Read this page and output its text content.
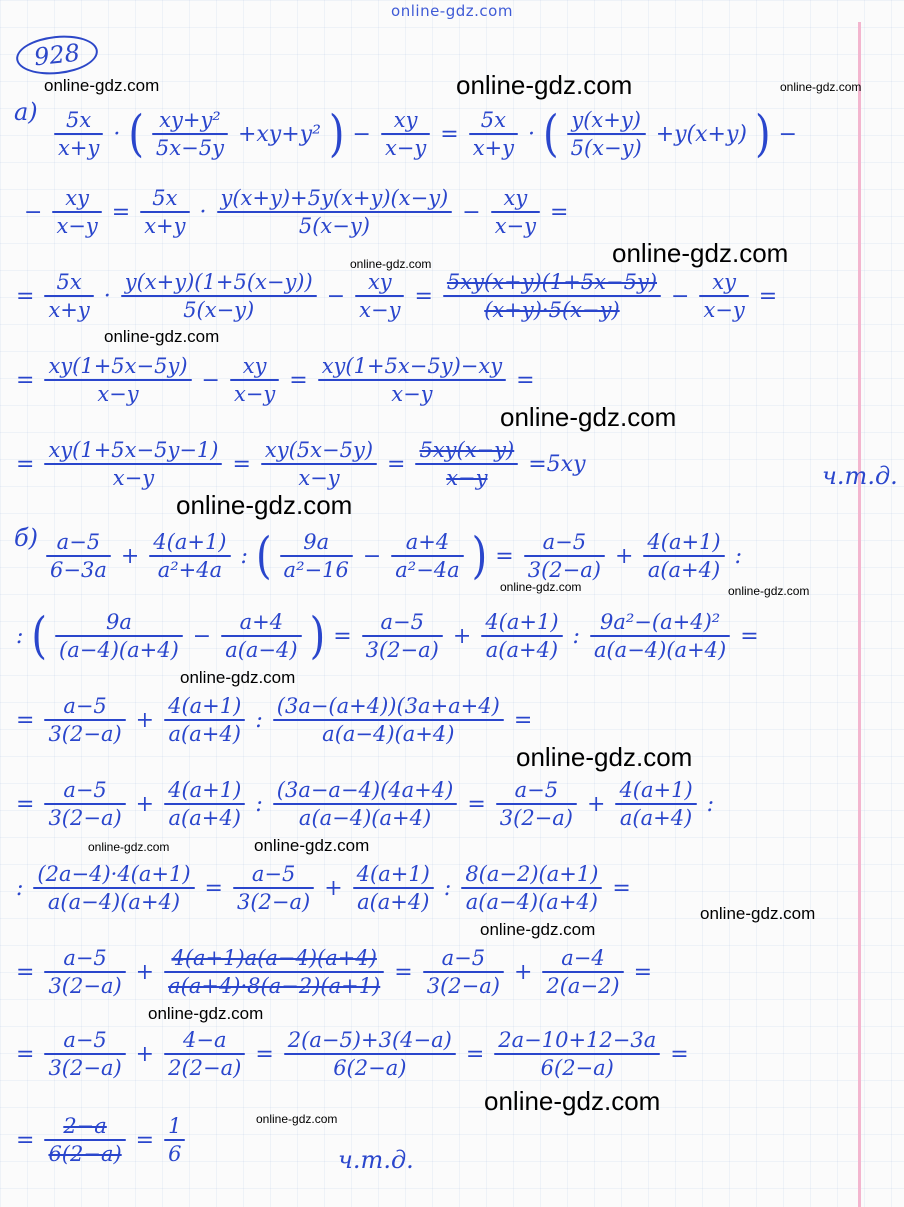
online-gdz.com
928
$а) \frac{5x}{x+y}$ · ( $\frac{\text{xy+y²}}{5x-5y} +xy+y^2$ ) − $\frac{xy}{x-y} = \frac{5x}{x+y}$ · ( $\frac{y(x+y)}{5(x-y)} +y(x+y)$ ) −
− $\frac{xy}{x-y} = \frac{5x}{x+y} \cdot \frac{y(x+y)+5y(x+y)(x-y)}{5(x-y)} - \frac{xy}{x-y}$ =
= $\frac{5x}{x+y} \cdot \frac{y(x+y)(1+5(x-y))}{5(x-y)} - \frac{xy}{x-y} = \frac{5xy(x+y)(1+5x-5y)}{(x+y)\cdot 5(x-y)} - \frac{xy}{x-y}$ =
= $\frac{xy(1+5x-5y)}{x-y} - \frac{xy}{x-y} = \frac{xy(1+5x-5y)-xy}{x-y}$ =
= $\frac{xy(1+5x-5y-1)}{x-y} = \frac{xy(5x-5y)}{x-y} = \frac{5xy(x-y)}{x-y} =5xy$	ч.т.д.
$б) \frac{a-5}{6-3a} + \frac{4(a+1)}{\text{a²+4a}}$ : ( $\frac{9a}{\text{a²−16}} - \frac{a+4}{\text{a²−4a}}$ ) = $\frac{a-5}{3(2-a)} + \frac{4(a+1)}{a(a+4)}$ :
: ( $\frac{9a}{(a-4)(a+4)} - \frac{a+4}{a(a-4)}$ ) = $\frac{a-5}{3(2-a)} + \frac{4(a+1)}{a(a+4)}$ : $\frac{\text{9a²−(a+4)²}}{a(a-4)(a+4)}$ =
= $\frac{a-5}{3(2-a)} + \frac{4(a+1)}{a(a+4)}$ : $\frac{(3a-(a+4))(3a+a+4)}{a(a-4)(a+4)}$ =
= $\frac{a-5}{3(2-a)} + \frac{4(a+1)}{a(a+4)}$ : $\frac{(3a-a-4)(4a+4)}{a(a-4)(a+4)} = \frac{a-5}{3(2-a)} + \frac{4(a+1)}{a(a+4)}$ :
: $\frac{(2a-4)\cdot 4(a+1)}{a(a-4)(a+4)} = \frac{a-5}{3(2-a)} + \frac{4(a+1)}{a(a+4)}$ : $\frac{8(a-2)(a+1)}{a(a-4)(a+4)}$ =
= $\frac{a-5}{3(2-a)} + \frac{4(a+1)a(a-4)(a+4)}{a(a+4)\cdot 8(a-2)(a+1)} = \frac{a-5}{3(2-a)} + \frac{a-4}{2(a-2)}$ =
= $\frac{a-5}{3(2-a)} + \frac{4-a}{2(2-a)} = \frac{2(a-5)+3(4-a)}{6(2-a)} = \frac{2a-10+12-3a}{6(2-a)}$ =
= $\frac{2-a}{6(2-a)} = \frac{1}{6}$	ч.т.д.
online-gdz.com	online-gdz.com	online-gdz.com
online-gdz.com
online-gdz.com
online-gdz.com
online-gdz.com
online-gdz.com
online-gdz.com	online-gdz.com
online-gdz.com
online-gdz.com
online-gdz.com	online-gdz.com
online-gdz.com
online-gdz.com
online-gdz.com
online-gdz.com
online-gdz.com
